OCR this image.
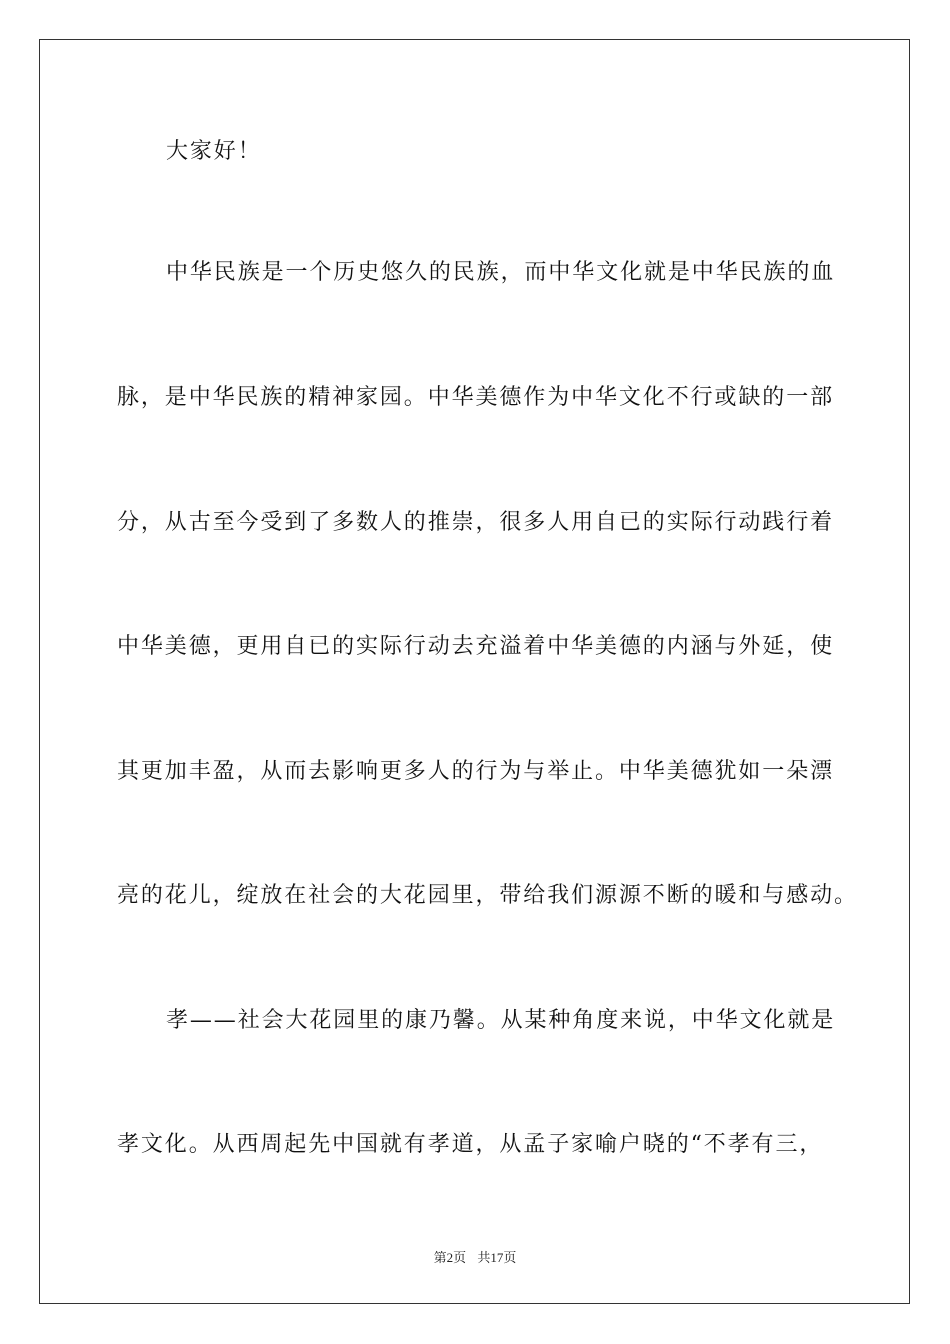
大家好！
中华民族是一个历史悠久的民族，而中华文化就是中华民族的血
脉，是中华民族的精神家园。中华美德作为中华文化不行或缺的一部
分，从古至今受到了多数人的推崇，很多人用自已的实际行动践行着
中华美德，更用自已的实际行动去充溢着中华美德的内涵与外延，使
其更加丰盈，从而去影响更多人的行为与举止。中华美德犹如一朵漂
亮的花儿，绽放在社会的大花园里，带给我们源源不断的暖和与感动。
孝——社会大花园里的康乃馨。从某种角度来说，中华文化就是
孝文化。从西周起先中国就有孝道，从孟子家喻户晓的“不孝有三，
第2页 共17页
